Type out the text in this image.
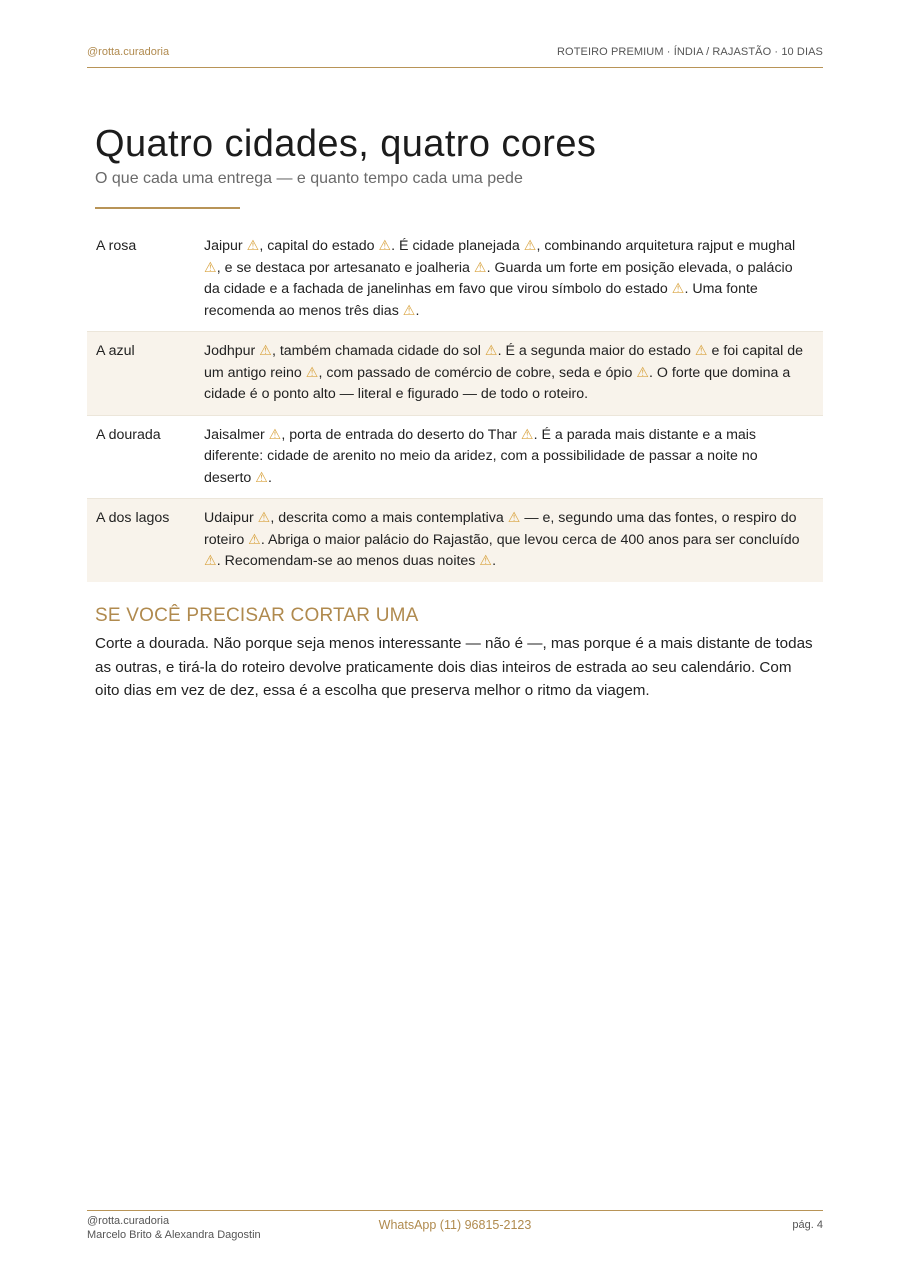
@rotta.curadoria	ROTEIRO PREMIUM · ÍNDIA / RAJASTÃO · 10 DIAS
Quatro cidades, quatro cores
O que cada uma entrega — e quanto tempo cada uma pede
A rosa	Jaipur ⚠, capital do estado ⚠. É cidade planejada ⚠, combinando arquitetura rajput e mughal ⚠, e se destaca por artesanato e joalheria ⚠. Guarda um forte em posição elevada, o palácio da cidade e a fachada de janelinhas em favo que virou símbolo do estado ⚠. Uma fonte recomenda ao menos três dias ⚠.
A azul	Jodhpur ⚠, também chamada cidade do sol ⚠. É a segunda maior do estado ⚠ e foi capital de um antigo reino ⚠, com passado de comércio de cobre, seda e ópio ⚠. O forte que domina a cidade é o ponto alto — literal e figurado — de todo o roteiro.
A dourada	Jaisalmer ⚠, porta de entrada do deserto do Thar ⚠. É a parada mais distante e a mais diferente: cidade de arenito no meio da aridez, com a possibilidade de passar a noite no deserto ⚠.
A dos lagos	Udaipur ⚠, descrita como a mais contemplativa ⚠ — e, segundo uma das fontes, o respiro do roteiro ⚠. Abriga o maior palácio do Rajastão, que levou cerca de 400 anos para ser concluído ⚠. Recomendam-se ao menos duas noites ⚠.
SE VOCÊ PRECISAR CORTAR UMA

Corte a dourada. Não porque seja menos interessante — não é —, mas porque é a mais distante de todas as outras, e tirá-la do roteiro devolve praticamente dois dias inteiros de estrada ao seu calendário. Com oito dias em vez de dez, essa é a escolha que preserva melhor o ritmo da viagem.

@rotta.curadoria
Marcelo Brito & Alexandra Dagostin
WhatsApp (11) 96815-2123	pág. 4
